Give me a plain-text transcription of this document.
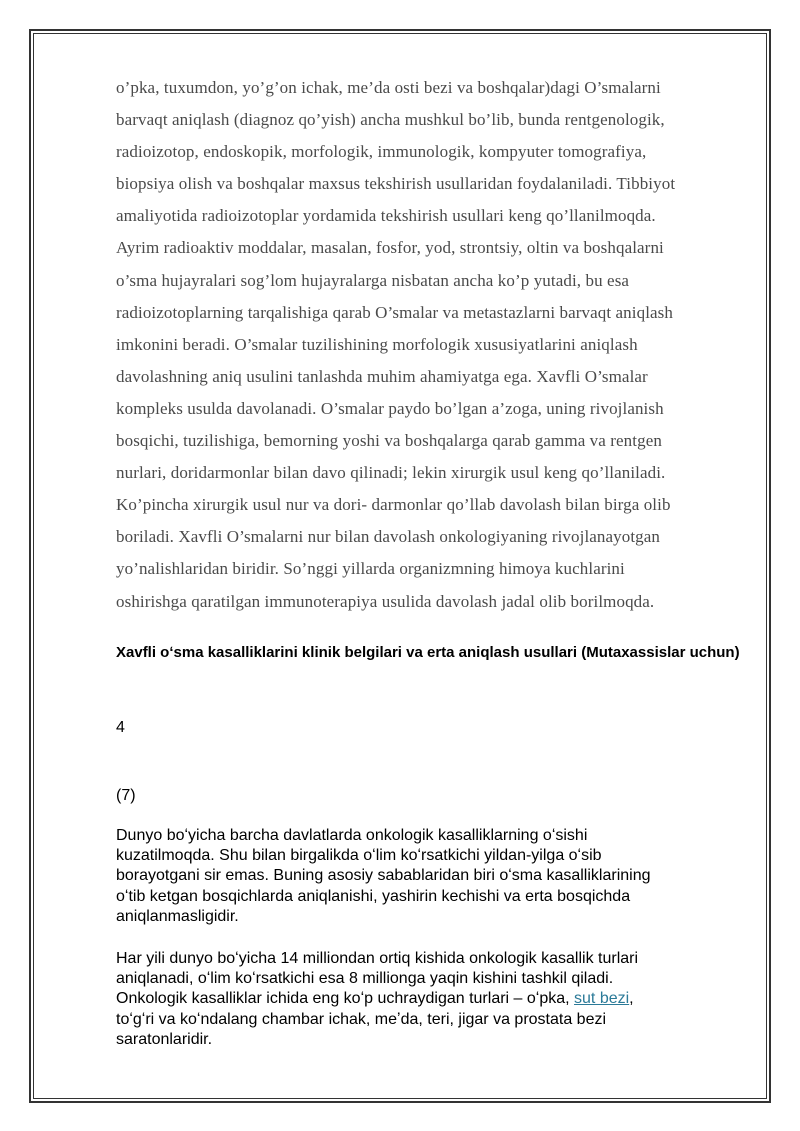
o’pka, tuxumdon, yo’g’on ichak, me’da osti bezi va boshqalar)dagi O’smalarni
barvaqt aniqlash (diagnoz qo’yish) ancha mushkul bo’lib, bunda rentgenologik,
radioizotop, endoskopik, morfologik, immunologik, kompyuter tomografiya,
biopsiya olish va boshqalar maxsus tekshirish usullaridan foydalaniladi. Tibbiyot
amaliyotida radioizotoplar yordamida tekshirish usullari keng qo’llanilmoqda.
Ayrim radioaktiv moddalar, masalan, fosfor, yod, strontsiy, oltin va boshqalarni
o’sma hujayralari sog’lom hujayralarga nisbatan ancha ko’p yutadi, bu esa
radioizotoplarning tarqalishiga qarab O’smalar va metastazlarni barvaqt aniqlash
imkonini beradi. O’smalar tuzilishining morfologik xususiyatlarini aniqlash
davolashning aniq usulini tanlashda muhim ahamiyatga ega. Xavfli O’smalar
kompleks usulda davolanadi. O’smalar paydo bo’lgan a’zoga, uning rivojlanish
bosqichi, tuzilishiga, bemorning yoshi va boshqalarga qarab gamma va rentgen
nurlari, doridarmonlar bilan davo qilinadi; lekin xirurgik usul keng qo’llaniladi.
Ko’pincha xirurgik usul nur va dori- darmonlar qo’llab davolash bilan birga olib
boriladi. Xavfli O’smalarni nur bilan davolash onkologiyaning rivojlanayotgan
yo’nalishlaridan biridir. So’nggi yillarda organizmning himoya kuchlarini
oshirishga qaratilgan immunoterapiya usulida davolash jadal olib borilmoqda.
Xavfli oʻsma kasalliklarini klinik belgilari va erta aniqlash usullari (Mutaxassislar uchun)
4
(7)
Dunyo boʻyicha barcha davlatlarda onkologik kasalliklarning oʻsishi
kuzatilmoqda. Shu bilan birgalikda oʻlim koʻrsatkichi yildan-yilga oʻsib
borayotgani sir emas. Buning asosiy sabablaridan biri oʻsma kasalliklarining
oʻtib ketgan bosqichlarda aniqlanishi, yashirin kechishi va erta bosqichda
aniqlanmasligidir.
Har yili dunyo boʻyicha 14 milliondan ortiq kishida onkologik kasallik turlari
aniqlanadi, oʻlim koʻrsatkichi esa 8 millionga yaqin kishini tashkil qiladi.
Onkologik kasalliklar ichida eng koʻp uchraydigan turlari – oʻpka, sut bezi,
toʻgʻri va koʻndalang chambar ichak, meʼda, teri, jigar va prostata bezi
saratonlaridir.
